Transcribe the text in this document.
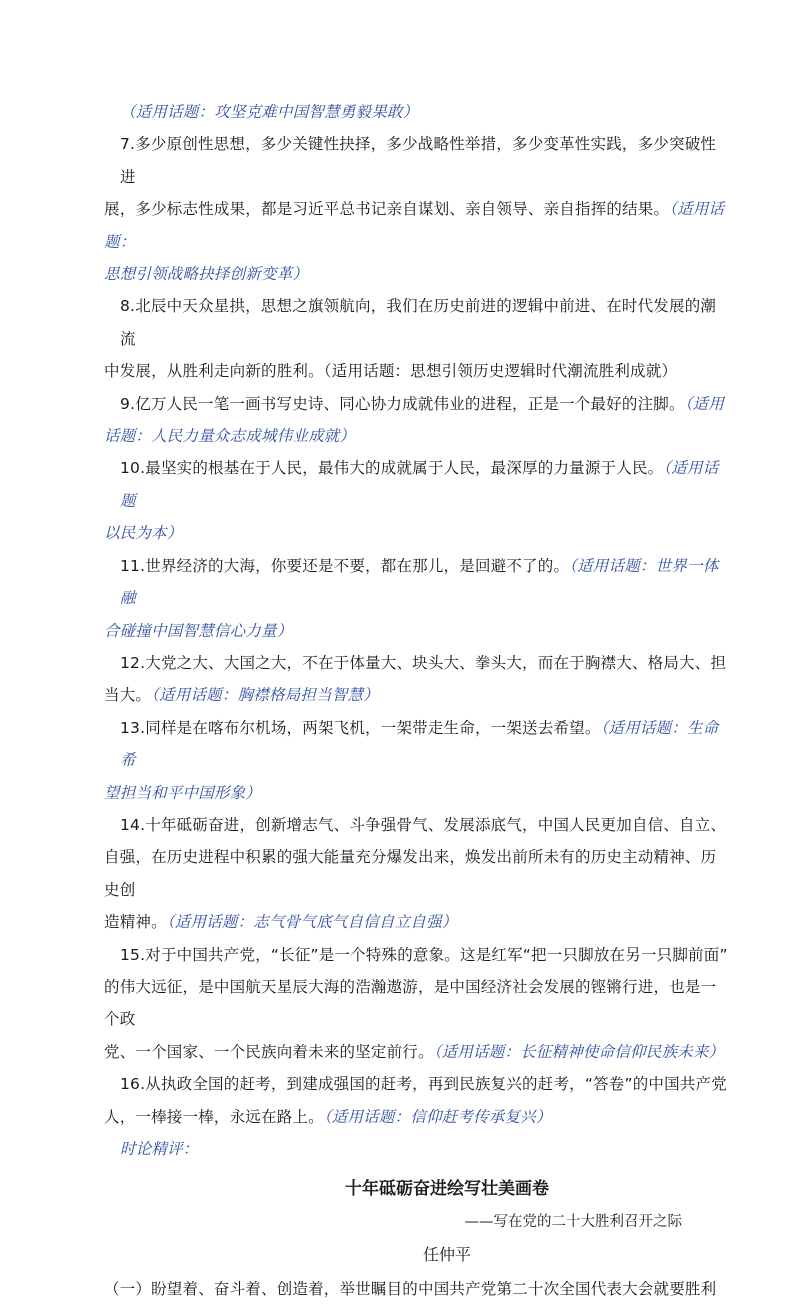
（适用话题：攻坚克难中国智慧勇毅果敢）

7.多少原创性思想，多少关键性抉择，多少战略性举措，多少变革性实践，多少突破性进

展，多少标志性成果，都是习近平总书记亲自谋划、亲自领导、亲自指挥的结果。（适用话题：

思想引领战略抉择创新变革）

8.北辰中天众星拱，思想之旗领航向，我们在历史前进的逻辑中前进、在时代发展的潮流

中发展，从胜利走向新的胜利。（适用话题：思想引领历史逻辑时代潮流胜利成就）

9.亿万人民一笔一画书写史诗、同心协力成就伟业的进程，正是一个最好的注脚。（适用

话题：人民力量众志成城伟业成就）

10.最坚实的根基在于人民，最伟大的成就属于人民，最深厚的力量源于人民。（适用话题

以民为本）

11.世界经济的大海，你要还是不要，都在那儿，是回避不了的。（适用话题：世界一体融

合碰撞中国智慧信心力量）

12.大党之大、大国之大，不在于体量大、块头大、拳头大，而在于胸襟大、格局大、担

当大。（适用话题：胸襟格局担当智慧）

13.同样是在喀布尔机场，两架飞机，一架带走生命，一架送去希望。（适用话题：生命希

望担当和平中国形象）

14.十年砥砺奋进，创新增志气、斗争强骨气、发展添底气，中国人民更加自信、自立、

自强，在历史进程中积累的强大能量充分爆发出来，焕发出前所未有的历史主动精神、历史创

造精神。（适用话题：志气骨气底气自信自立自强）

15.对于中国共产党，“长征”是一个特殊的意象。这是红军“把一只脚放在另一只脚前面”

的伟大远征，是中国航天星辰大海的浩瀚遨游，是中国经济社会发展的铿锵行进，也是一个政

党、一个国家、一个民族向着未来的坚定前行。（适用话题：长征精神使命信仰民族未来）

16.从执政全国的赶考，到建成强国的赶考，再到民族复兴的赶考，“答卷”的中国共产党

人，一棒接一棒，永远在路上。（适用话题：信仰赶考传承复兴）

时论精评：

十年砥砺奋进绘写壮美画卷

——写在党的二十大胜利召开之际

任仲平

（一）盼望着、奋斗着、创造着，举世瞩目的中国共产党第二十次全国代表大会就要胜利
